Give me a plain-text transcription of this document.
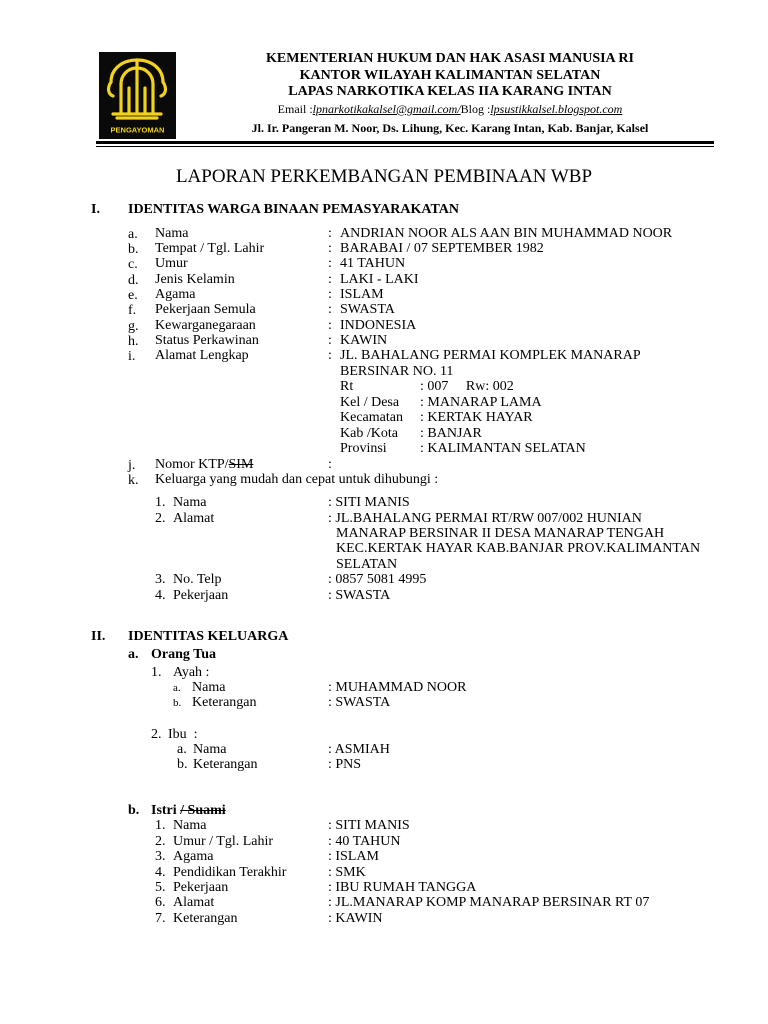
PENGAYOMAN
KEMENTERIAN HUKUM DAN HAK ASASI MANUSIA RI
KANTOR WILAYAH KALIMANTAN SELATAN
LAPAS NARKOTIKA KELAS IIA KARANG INTAN
Email :lpnarkotikakalsel@gmail.com/Blog :lpsustikkalsel.blogspot.com
Jl. Ir. Pangeran M. Noor, Ds. Lihung, Kec. Karang Intan, Kab. Banjar, Kalsel
LAPORAN PERKEMBANGAN PEMBINAAN WBP
I. IDENTITAS WARGA BINAAN PEMASYARAKATAN
a. Nama	: ANDRIAN NOOR ALS AAN BIN MUHAMMAD NOOR
b. Tempat / Tgl. Lahir	: BARABAI / 07 SEPTEMBER 1982
c. Umur	: 41 TAHUN
d. Jenis Kelamin	: LAKI - LAKI
e. Agama	: ISLAM
f. Pekerjaan Semula	: SWASTA
g. Kewarganegaraan	: INDONESIA
h. Status Perkawinan	: KAWIN
i. Alamat Lengkap	: JL. BAHALANG PERMAI KOMPLEK MANARAP
BERSINAR NO. 11
Rt	: 007     Rw: 002
Kel / Desa : MANARAP LAMA
Kecamatan : KERTAK HAYAR
Kab /Kota : BANJAR
Provinsi : KALIMANTAN SELATAN
j. Nomor KTP/SIM	:
k. Keluarga yang mudah dan cepat untuk dihubungi :
1. Nama	: SITI MANIS
2. Alamat	: JL.BAHALANG PERMAI RT/RW 007/002 HUNIAN
MANARAP BERSINAR II DESA MANARAP TENGAH
KEC.KERTAK HAYAR KAB.BANJAR PROV.KALIMANTAN
SELATAN
3. No. Telp	: 0857 5081 4995
4. Pekerjaan	: SWASTA
II. IDENTITAS KELUARGA
a. Orang Tua
1. Ayah :
a. Nama	: MUHAMMAD NOOR
b. Keterangan	: SWASTA
2. Ibu  :
a. Nama	: ASMIAH
b. Keterangan	: PNS
b. Istri / Suami
1. Nama	: SITI MANIS
2. Umur / Tgl. Lahir	: 40 TAHUN
3. Agama	: ISLAM
4. Pendidikan Terakhir	: SMK
5. Pekerjaan	: IBU RUMAH TANGGA
6. Alamat	: JL.MANARAP KOMP MANARAP BERSINAR RT 07
7. Keterangan	: KAWIN
